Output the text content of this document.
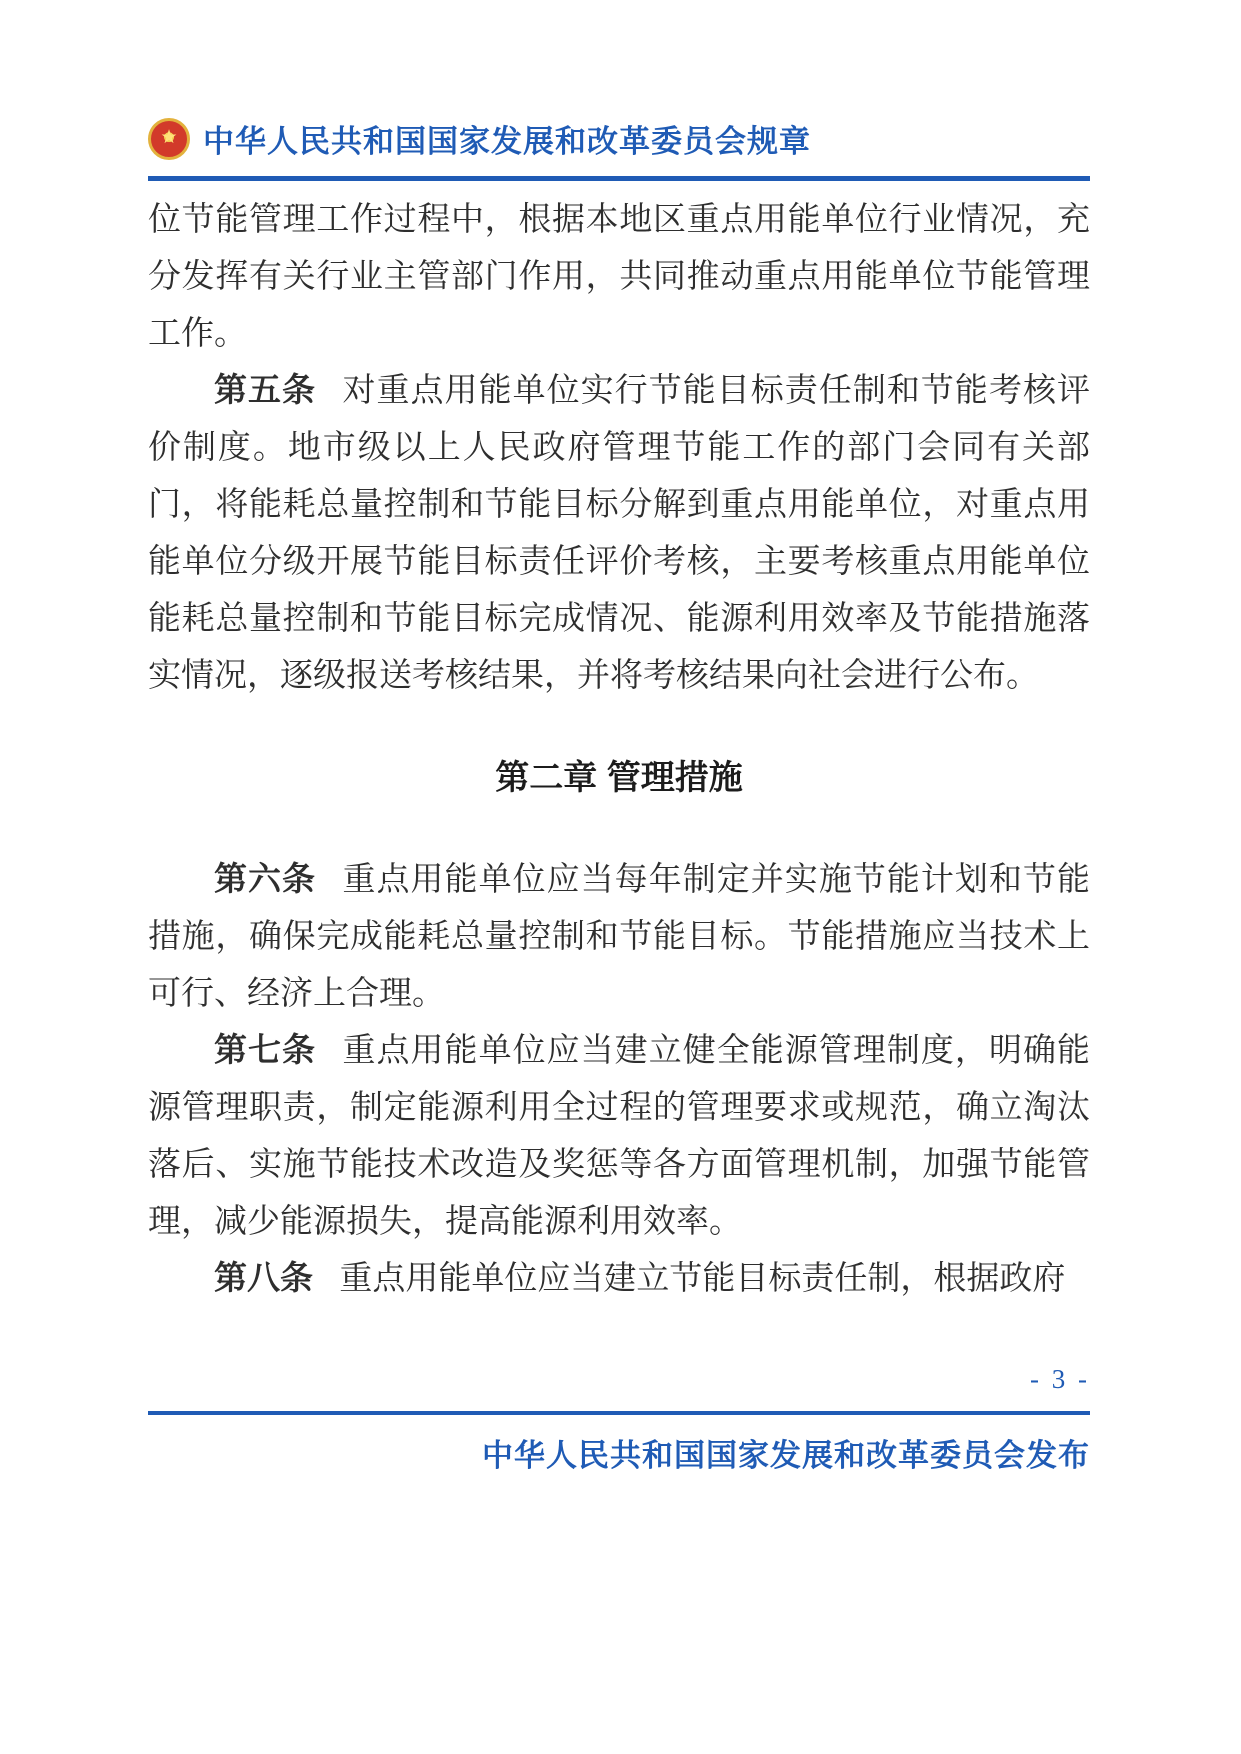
★
中华人民共和国国家发展和改革委员会规章

位节能管理工作过程中，根据本地区重点用能单位行业情况，充分发挥有关行业主管部门作用，共同推动重点用能单位节能管理工作。

第五条 对重点用能单位实行节能目标责任制和节能考核评价制度。地市级以上人民政府管理节能工作的部门会同有关部门，将能耗总量控制和节能目标分解到重点用能单位，对重点用能单位分级开展节能目标责任评价考核，主要考核重点用能单位能耗总量控制和节能目标完成情况、能源利用效率及节能措施落实情况，逐级报送考核结果，并将考核结果向社会进行公布。

第二章 管理措施

第六条 重点用能单位应当每年制定并实施节能计划和节能措施，确保完成能耗总量控制和节能目标。节能措施应当技术上可行、经济上合理。

第七条 重点用能单位应当建立健全能源管理制度，明确能源管理职责，制定能源利用全过程的管理要求或规范，确立淘汰落后、实施节能技术改造及奖惩等各方面管理机制，加强节能管理，减少能源损失，提高能源利用效率。

第八条 重点用能单位应当建立节能目标责任制，根据政府

- 3 -
中华人民共和国国家发展和改革委员会发布
